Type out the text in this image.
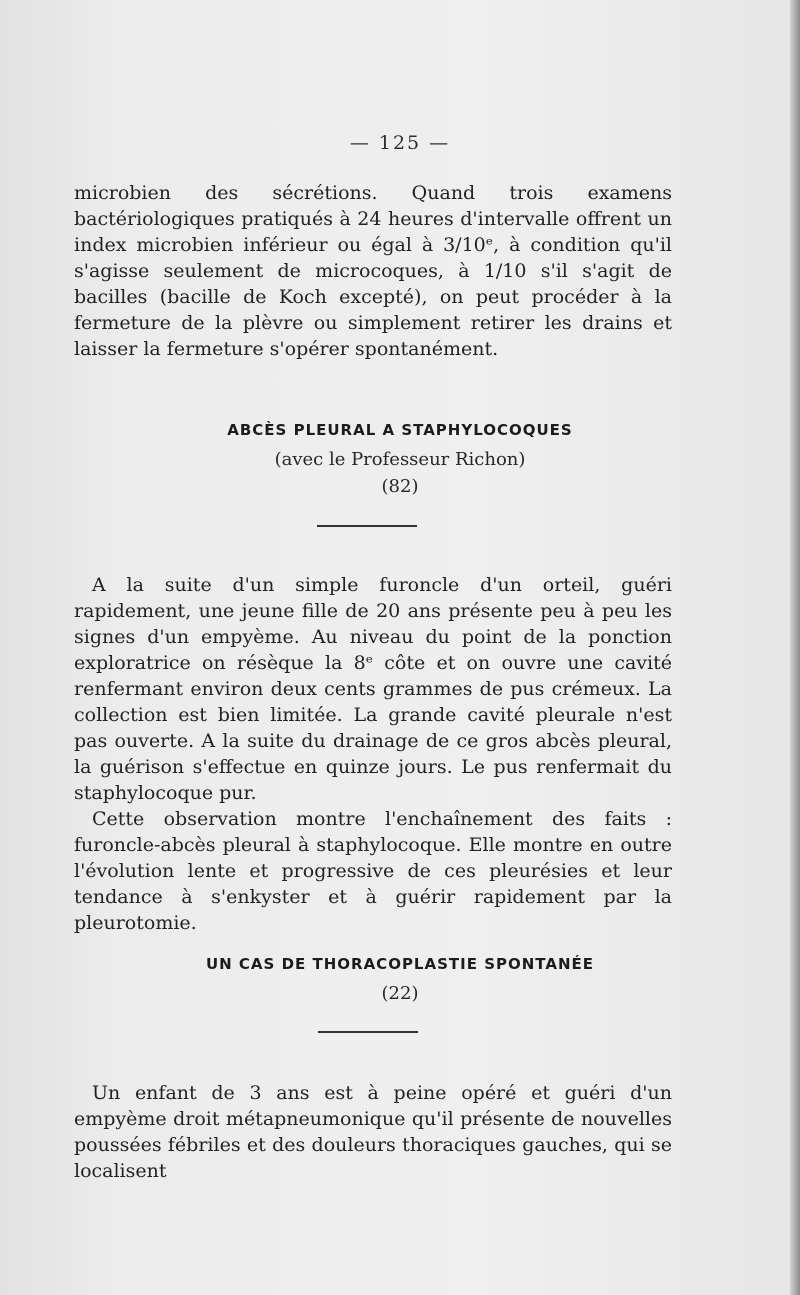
— 125 —

microbien des sécrétions. Quand trois examens bactériologiques pratiqués à 24 heures d'intervalle offrent un index microbien inférieur ou égal à 3/10ᵉ, à condition qu'il s'agisse seulement de microcoques, à 1/10 s'il s'agit de bacilles (bacille de Koch excepté), on peut procéder à la fermeture de la plèvre ou simplement retirer les drains et laisser la fermeture s'opérer spontanément.

ABCÈS PLEURAL A STAPHYLOCOQUES
(avec le Professeur Richon)
(82)

A la suite d'un simple furoncle d'un orteil, guéri rapidement, une jeune fille de 20 ans présente peu à peu les signes d'un empyème. Au niveau du point de la ponction exploratrice on résèque la 8ᵉ côte et on ouvre une cavité renfermant environ deux cents grammes de pus crémeux. La collection est bien limitée. La grande cavité pleurale n'est pas ouverte. A la suite du drainage de ce gros abcès pleural, la guérison s'effectue en quinze jours. Le pus renfermait du staphylocoque pur.

Cette observation montre l'enchaînement des faits : furoncle-abcès pleural à staphylocoque. Elle montre en outre l'évolution lente et progressive de ces pleurésies et leur tendance à s'enkyster et à guérir rapidement par la pleurotomie.

UN CAS DE THORACOPLASTIE SPONTANÉE
(22)

Un enfant de 3 ans est à peine opéré et guéri d'un empyème droit métapneumonique qu'il présente de nouvelles poussées fébriles et des douleurs thoraciques gauches, qui se localisent
